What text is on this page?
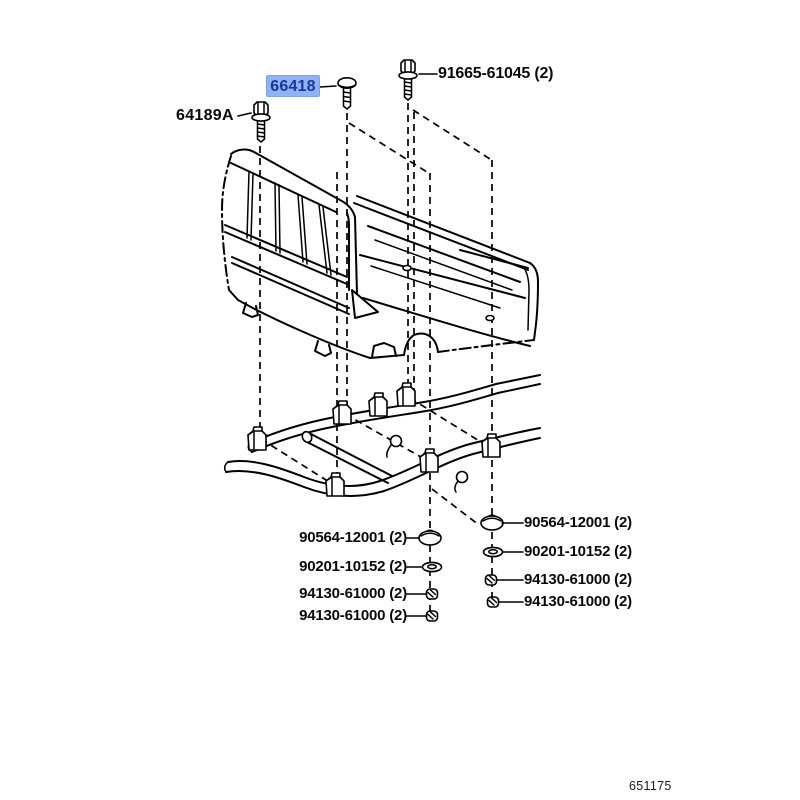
66418
91665-61045 (2)
64189A
90564-12001 (2)
90201-10152 (2)
94130-61000 (2)
94130-61000 (2)
90564-12001 (2)
90201-10152 (2)
94130-61000 (2)
94130-61000 (2)
651175
